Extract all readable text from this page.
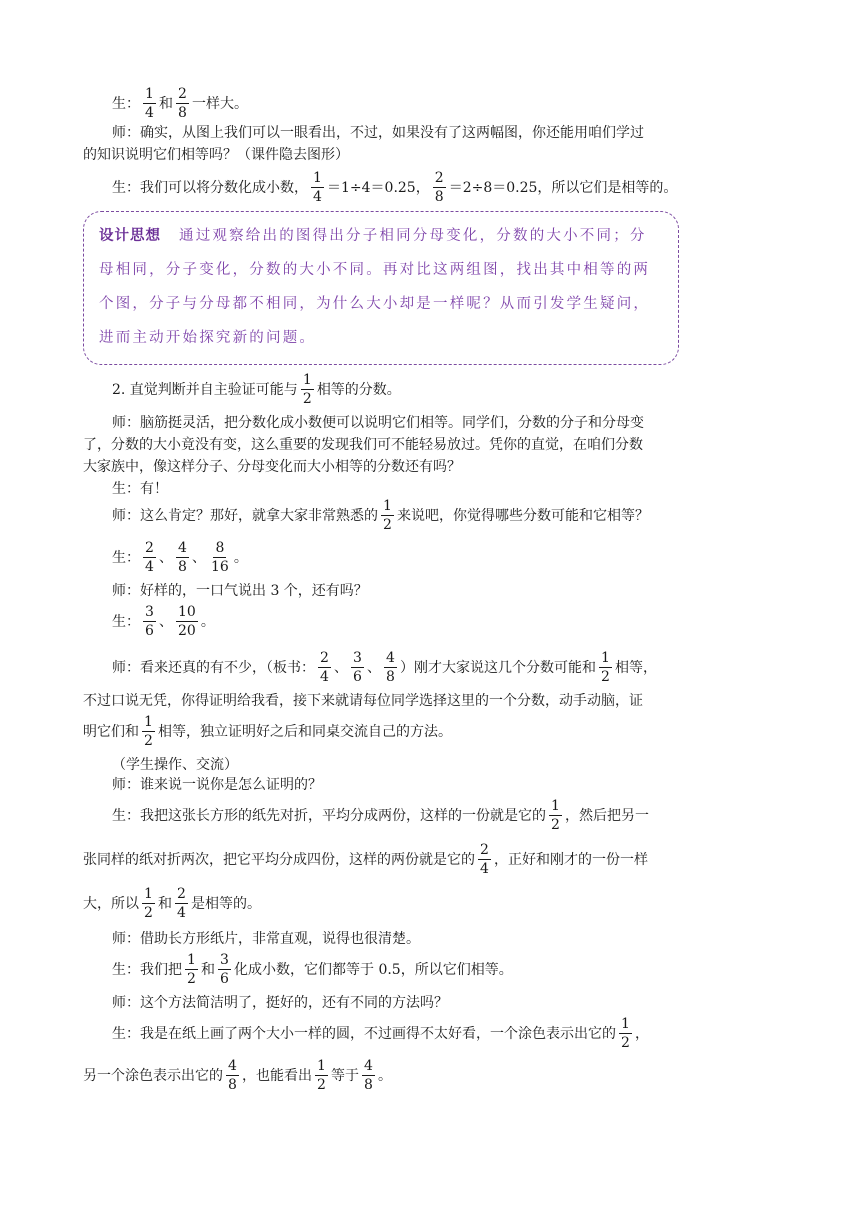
生： $\frac{1}{4}$ 和 $\frac{2}{8}$ 一样大。
师：确实，从图上我们可以一眼看出，不过，如果没有了这两幅图，你还能用咱们学过
的知识说明它们相等吗？（课件隐去图形）
生：我们可以将分数化成小数， $\frac{1}{4} =1\div 4=0.25$， $\frac{2}{8} =2\div 8=0.25$，所以它们是相等的。
设计思想 通过观察给出的图得出分子相同分母变化，分数的大小不同；分
母相同，分子变化，分数的大小不同。再对比这两组图，找出其中相等的两
个图，分子与分母都不相同，为什么大小却是一样呢？从而引发学生疑问，
进而主动开始探究新的问题。
2. 直觉判断并自主验证可能与 $\frac{1}{2}$ 相等的分数。
师：脑筋挺灵活，把分数化成小数便可以说明它们相等。同学们，分数的分子和分母变
了，分数的大小竟没有变，这么重要的发现我们可不能轻易放过。凭你的直觉，在咱们分数
大家族中，像这样分子、分母变化而大小相等的分数还有吗？
生：有！
师：这么肯定？那好，就拿大家非常熟悉的 $\frac{1}{2}$ 来说吧，你觉得哪些分数可能和它相等？
生： $\frac{2}{4}$ 、 $\frac{4}{8}$ 、 $\frac{8}{16}$ 。
师：好样的，一口气说出 3 个，还有吗？
生： $\frac{3}{6}$ 、 $\frac{10}{20}$ 。
师：看来还真的有不少，（板书： $\frac{2}{4}$ 、 $\frac{3}{6}$ 、 $\frac{4}{8}$ ）刚才大家说这几个分数可能和 $\frac{1}{2}$ 相等，
不过口说无凭，你得证明给我看，接下来就请每位同学选择这里的一个分数，动手动脑，证
明它们和 $\frac{1}{2}$ 相等，独立证明好之后和同桌交流自己的方法。
（学生操作、交流）
师：谁来说一说你是怎么证明的？
生：我把这张长方形的纸先对折，平均分成两份，这样的一份就是它的 $\frac{1}{2}$ ，然后把另一
张同样的纸对折两次，把它平均分成四份，这样的两份就是它的 $\frac{2}{4}$ ，正好和刚才的一份一样
大，所以 $\frac{1}{2}$ 和 $\frac{2}{4}$ 是相等的。
师：借助长方形纸片，非常直观，说得也很清楚。
生：我们把 $\frac{1}{2}$ 和 $\frac{3}{6}$ 化成小数，它们都等于 0.5，所以它们相等。
师：这个方法简洁明了，挺好的，还有不同的方法吗？
生：我是在纸上画了两个大小一样的圆，不过画得不太好看，一个涂色表示出它的 $\frac{1}{2}$ ，
另一个涂色表示出它的 $\frac{4}{8}$ ，也能看出 $\frac{1}{2}$ 等于 $\frac{4}{8}$ 。
